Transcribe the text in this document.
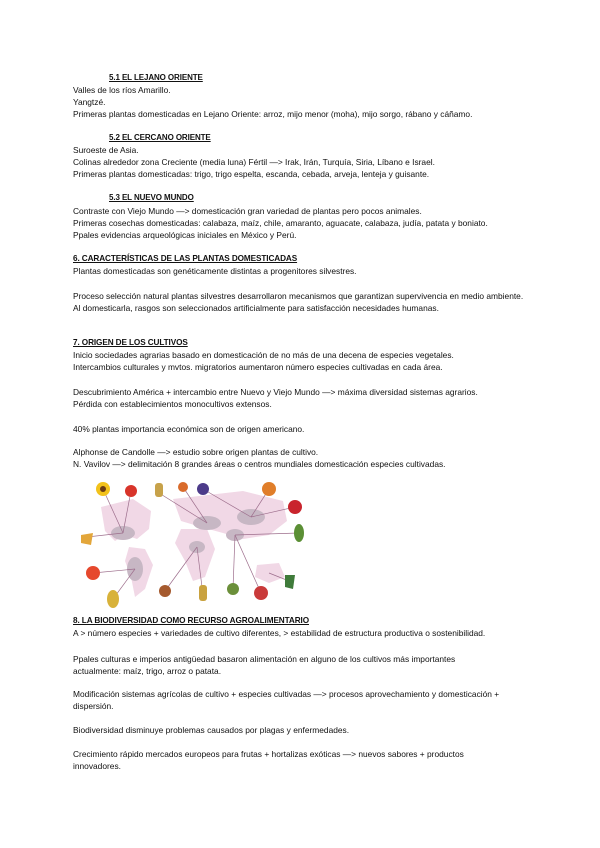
5.1 EL LEJANO ORIENTE

Valles de los ríos Amarillo.

Yangtzé.

Primeras plantas domesticadas en Lejano Oriente: arroz, mijo menor (moha), mijo sorgo, rábano y cáñamo.

5.2 EL CERCANO ORIENTE

Suroeste de Asia.

Colinas alrededor zona Creciente (media luna) Fértil —> Irak, Irán, Turquía, Siria, Líbano e Israel.

Primeras plantas domesticadas: trigo, trigo espelta, escanda, cebada, arveja, lenteja y guisante.

5.3 EL NUEVO MUNDO

Contraste con Viejo Mundo —> domesticación gran variedad de plantas pero pocos animales.

Primeras cosechas domesticadas: calabaza, maíz, chile, amaranto, aguacate, calabaza, judía, patata y boniato.

Ppales evidencias arqueológicas iniciales en México y Perú.

6. CARACTERÍSTICAS DE LAS PLANTAS DOMESTICADAS

Plantas domesticadas son genéticamente distintas a progenitores silvestres.

Proceso selección natural plantas silvestres desarrollaron mecanismos que garantizan supervivencia en medio ambiente.

Al domesticarla, rasgos son seleccionados artificialmente para satisfacción necesidades humanas.

7. ORIGEN DE LOS CULTIVOS

Inicio sociedades agrarias basado en domesticación de no más de una decena de especies vegetales.

Intercambios culturales y mvtos. migratorios aumentaron número especies cultivadas en cada área.

Descubrimiento América + intercambio entre Nuevo y Viejo Mundo —> máxima diversidad sistemas agrarios.

Pérdida con establecimientos monocultivos extensos.

40% plantas importancia económica son de origen americano.

Alphonse de Candolle —> estudio sobre origen plantas de cultivo.

N. Vavilov —> delimitación 8 grandes áreas o centros mundiales domesticación especies cultivadas.

8. LA BIODIVERSIDAD COMO RECURSO AGROALIMENTARIO

A > número especies + variedades de cultivo diferentes, > estabilidad de estructura productiva o sostenibilidad.

Ppales culturas e imperios antigüedad basaron alimentación en alguno de los cultivos más importantes actualmente: maíz, trigo, arroz o patata.

Modificación sistemas agrícolas de cultivo + especies cultivadas —> procesos aprovechamiento y domesticación + dispersión.

Biodiversidad disminuye problemas causados por plagas y enfermedades.

Crecimiento rápido mercados europeos para frutas + hortalizas exóticas —> nuevos sabores + productos innovadores.
